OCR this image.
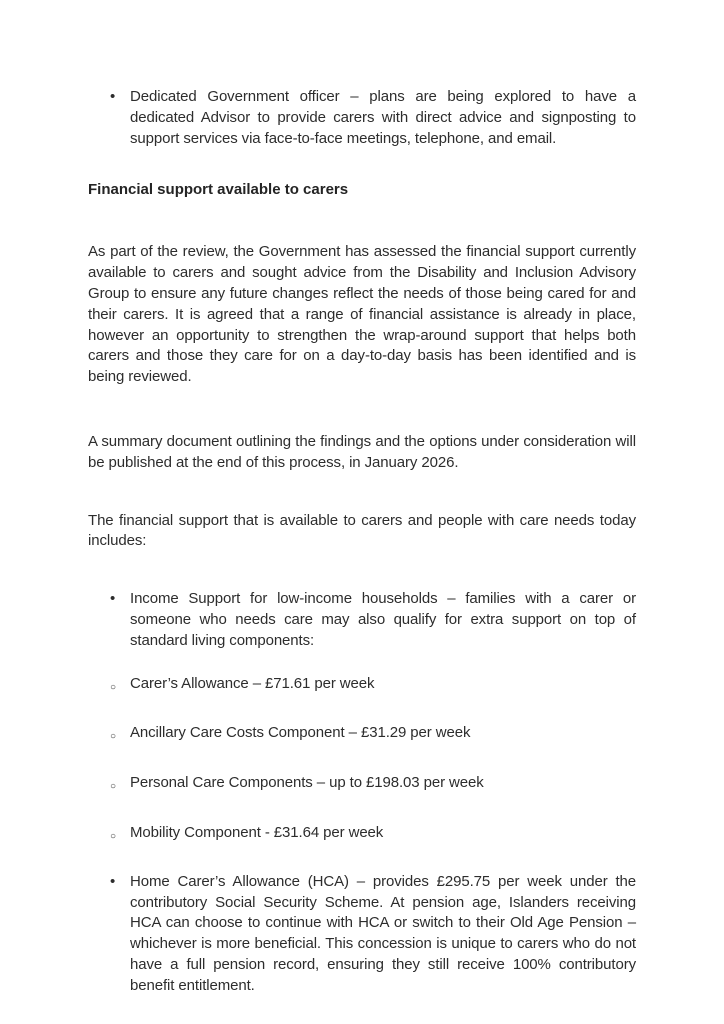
• Dedicated Government officer – plans are being explored to have a dedicated Advisor to provide carers with direct advice and signposting to support services via face-to-face meetings, telephone, and email.
Financial support available to carers
As part of the review, the Government has assessed the financial support currently available to carers and sought advice from the Disability and Inclusion Advisory Group to ensure any future changes reflect the needs of those being cared for and their carers. It is agreed that a range of financial assistance is already in place, however an opportunity to strengthen the wrap-around support that helps both carers and those they care for on a day-to-day basis has been identified and is being reviewed.
A summary document outlining the findings and the options under consideration will be published at the end of this process, in January 2026.
The financial support that is available to carers and people with care needs today includes:
• Income Support for low-income households – families with a carer or someone who needs care may also qualify for extra support on top of standard living components:
○ Carer’s Allowance – £71.61 per week
○ Ancillary Care Costs Component – £31.29 per week
○ Personal Care Components – up to £198.03 per week
○ Mobility Component - £31.64 per week
• Home Carer’s Allowance (HCA) – provides £295.75 per week under the contributory Social Security Scheme. At pension age, Islanders receiving HCA can choose to continue with HCA or switch to their Old Age Pension – whichever is more beneficial. This concession is unique to carers who do not have a full pension record, ensuring they still receive 100% contributory benefit entitlement.
